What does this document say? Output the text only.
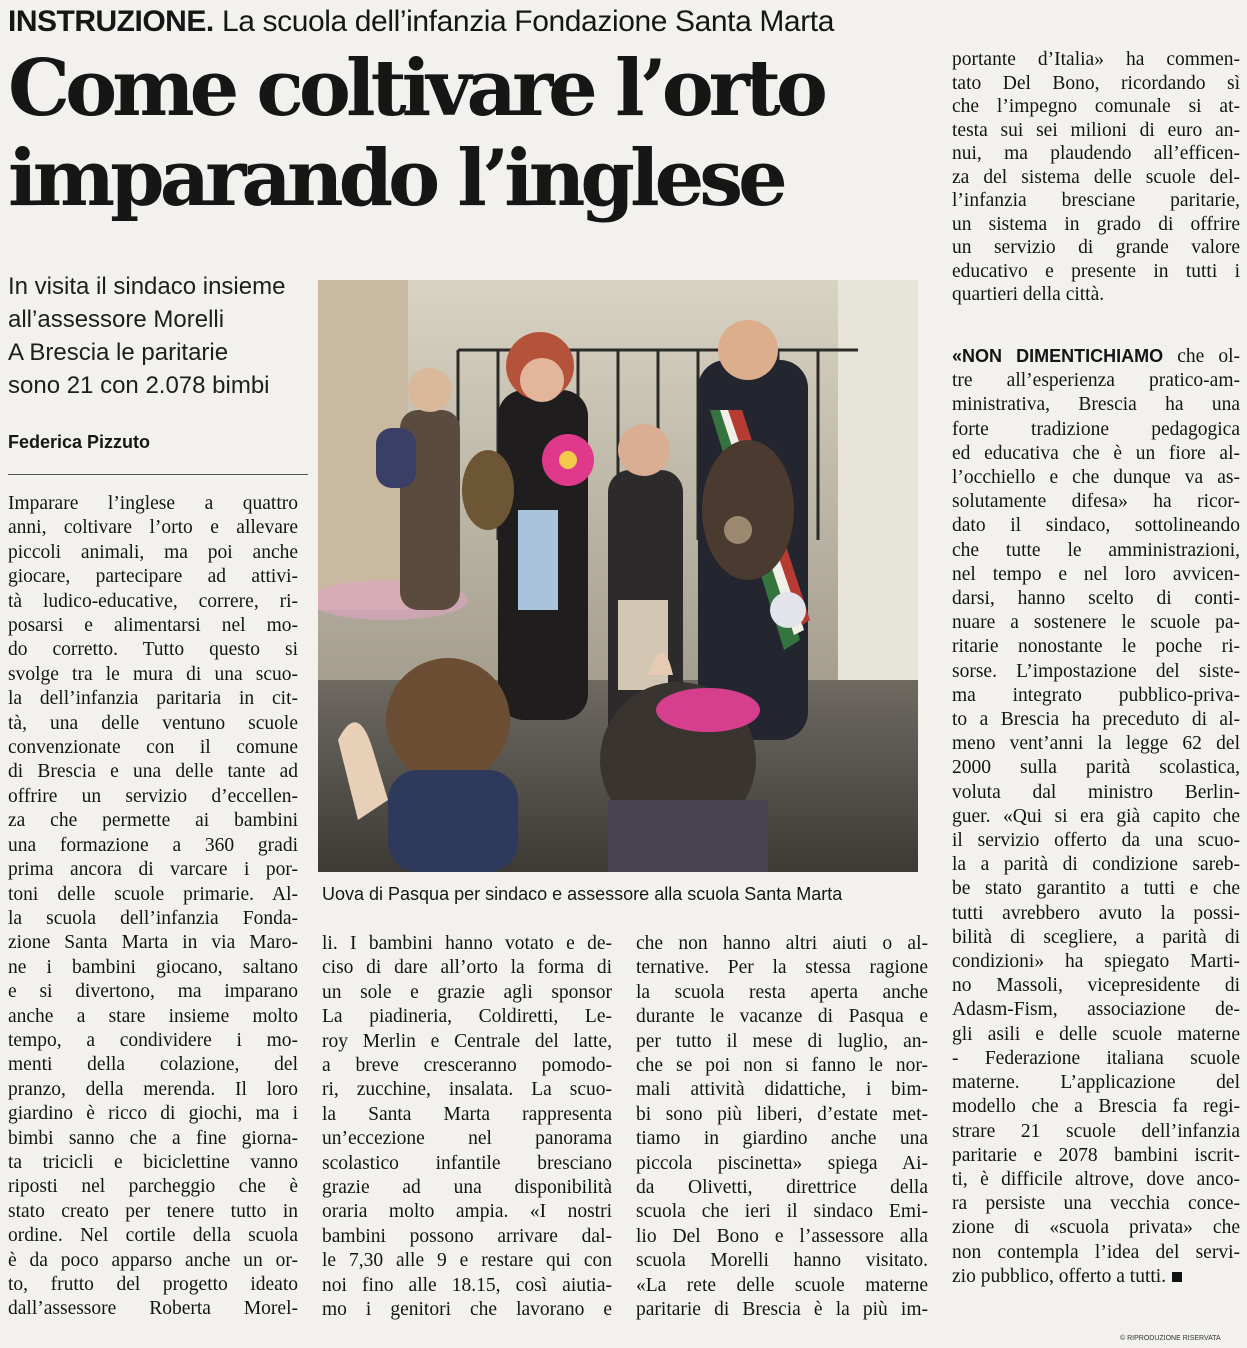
INSTRUZIONE. La scuola dell’infanzia Fondazione Santa Marta
Come coltivare l’orto
imparando l’inglese
In visita il sindaco insieme
all’assessore Morelli
A Brescia le paritarie
sono 21 con 2.078 bimbi
Federica Pizzuto
Uova di Pasqua per sindaco e assessore alla scuola Santa Marta
Imparare l’inglese a quattro
anni, coltivare l’orto e allevare
piccoli animali, ma poi anche
giocare, partecipare ad attivi-
tà ludico-educative, correre, ri-
posarsi e alimentarsi nel mo-
do corretto. Tutto questo si
svolge tra le mura di una scuo-
la dell’infanzia paritaria in cit-
tà, una delle ventuno scuole
convenzionate con il comune
di Brescia e una delle tante ad
offrire un servizio d’eccellen-
za che permette ai bambini
una formazione a 360 gradi
prima ancora di varcare i por-
toni delle scuole primarie. Al-
la scuola dell’infanzia Fonda-
zione Santa Marta in via Maro-
ne i bambini giocano, saltano
e si divertono, ma imparano
anche a stare insieme molto
tempo, a condividere i mo-
menti della colazione, del
pranzo, della merenda. Il loro
giardino è ricco di giochi, ma i
bimbi sanno che a fine giorna-
ta tricicli e biciclettine vanno
riposti nel parcheggio che è
stato creato per tenere tutto in
ordine. Nel cortile della scuola
è da poco apparso anche un or-
to, frutto del progetto ideato
dall’assessore Roberta Morel-
li. I bambini hanno votato e de-
ciso di dare all’orto la forma di
un sole e grazie agli sponsor
La piadineria, Coldiretti, Le-
roy Merlin e Centrale del latte,
a breve cresceranno pomodo-
ri, zucchine, insalata. La scuo-
la Santa Marta rappresenta
un’eccezione nel panorama
scolastico infantile bresciano
grazie ad una disponibilità
oraria molto ampia. «I nostri
bambini possono arrivare dal-
le 7,30 alle 9 e restare qui con
noi fino alle 18.15, così aiutia-
mo i genitori che lavorano e
che non hanno altri aiuti o al-
ternative. Per la stessa ragione
la scuola resta aperta anche
durante le vacanze di Pasqua e
per tutto il mese di luglio, an-
che se poi non si fanno le nor-
mali attività didattiche, i bim-
bi sono più liberi, d’estate met-
tiamo in giardino anche una
piccola piscinetta» spiega Ai-
da Olivetti, direttrice della
scuola che ieri il sindaco Emi-
lio Del Bono e l’assessore alla
scuola Morelli hanno visitato.
«La rete delle scuole materne
paritarie di Brescia è la più im-
portante d’Italia» ha commen-
tato Del Bono, ricordando sì
che l’impegno comunale si at-
testa sui sei milioni di euro an-
nui, ma plaudendo all’efficen-
za del sistema delle scuole del-
l’infanzia bresciane paritarie,
un sistema in grado di offrire
un servizio di grande valore
educativo e presente in tutti i
quartieri della città.
«NON DIMENTICHIAMO che ol-
tre all’esperienza pratico-am-
ministrativa, Brescia ha una
forte tradizione pedagogica
ed educativa che è un fiore al-
l’occhiello e che dunque va as-
solutamente difesa» ha ricor-
dato il sindaco, sottolineando
che tutte le amministrazioni,
nel tempo e nel loro avvicen-
darsi, hanno scelto di conti-
nuare a sostenere le scuole pa-
ritarie nonostante le poche ri-
sorse. L’impostazione del siste-
ma integrato pubblico-priva-
to a Brescia ha preceduto di al-
meno vent’anni la legge 62 del
2000 sulla parità scolastica,
voluta dal ministro Berlin-
guer. «Qui si era già capito che
il servizio offerto da una scuo-
la a parità di condizione sareb-
be stato garantito a tutti e che
tutti avrebbero avuto la possi-
bilità di scegliere, a parità di
condizioni» ha spiegato Marti-
no Massoli, vicepresidente di
Adasm-Fism, associazione de-
gli asili e delle scuole materne
- Federazione italiana scuole
materne. L’applicazione del
modello che a Brescia fa regi-
strare 21 scuole dell’infanzia
paritarie e 2078 bambini iscrit-
ti, è difficile altrove, dove anco-
ra persiste una vecchia conce-
zione di «scuola privata» che
non contempla l’idea del servi-
zio pubblico, offerto a tutti.
© RIPRODUZIONE RISERVATA
